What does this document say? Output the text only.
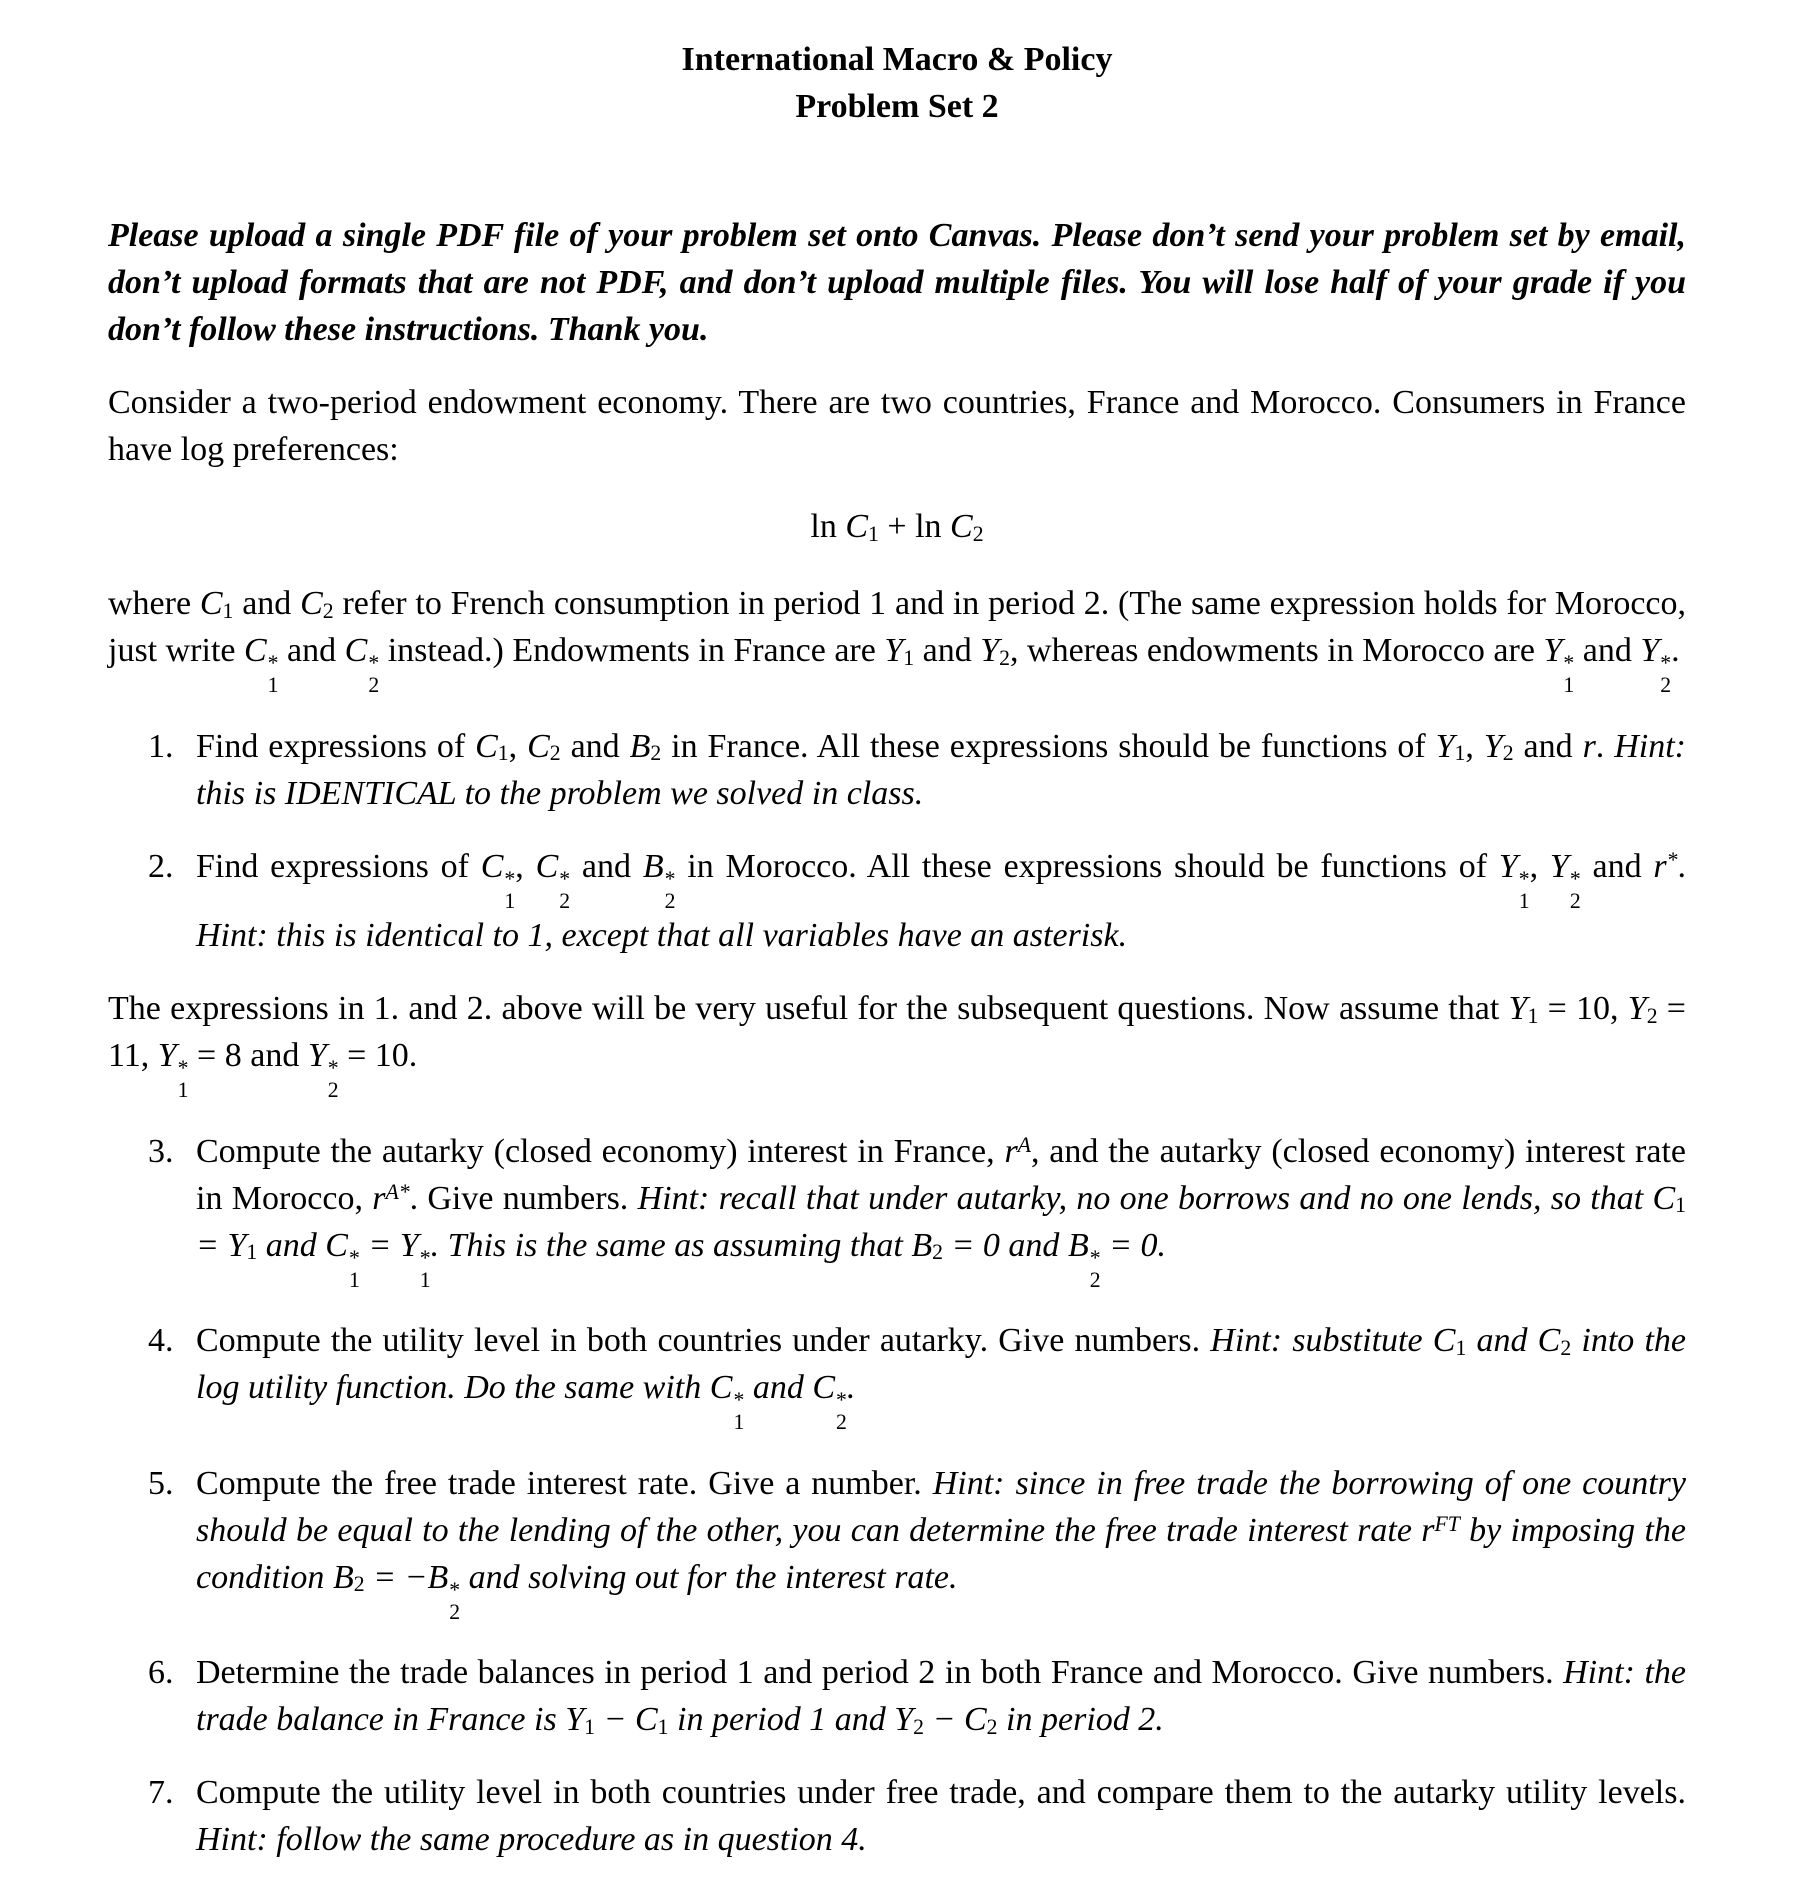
International Macro & Policy
Problem Set 2
Please upload a single PDF file of your problem set onto Canvas. Please don’t send your problem set by email, don’t upload formats that are not PDF, and don’t upload multiple files. You will lose half of your grade if you don’t follow these instructions. Thank you.
Consider a two-period endowment economy. There are two countries, France and Morocco. Consumers in France have log preferences:
$\ln C_1 + \ln C_2$
where $C_1$ and $C_2$ refer to French consumption in period 1 and in period 2. (The same expression holds for Morocco, just write C *
1
and C *
2
instead.) Endowments in France are $Y_1$ and $Y_2$, whereas endowments in Morocco are Y *
1
and Y *
2
.
1. Find expressions of $C_1$, $C_2$ and $B_2$ in France. All these expressions should be functions of $Y_1$, $Y_2$ and r. Hint: this is IDENTICAL to the problem we solved in class.
2. Find expressions of C *
1
, C *
2
and B *
2
in Morocco. All these expressions should be functions of Y *
1
, Y *
2
and r*. Hint: this is identical to 1, except that all variables have an asterisk.
The expressions in 1. and 2. above will be very useful for the subsequent questions. Now assume that $Y_1 = 10$, $Y_2 = 11$, Y *
1
= 8 and Y *
2
= 10.
3. Compute the autarky (closed economy) interest in France, $r^A$, and the autarky (closed economy) interest rate in Morocco, $r^{A*}$. Give numbers. Hint: recall that under autarky, no one borrows and no one lends, so that $C_1 = Y_1$ and C *
1
= Y *
1
. This is the same as assuming that $B_2 = 0$ and B *
2
= 0.
4. Compute the utility level in both countries under autarky. Give numbers. Hint: substitute $C_1$ and $C_2$ into the log utility function. Do the same with C *
1
and C *
2
.
5. Compute the free trade interest rate. Give a number. Hint: since in free trade the borrowing of one country should be equal to the lending of the other, you can determine the free trade interest rate $r^{FT}$ by imposing the condition $B_2 = -B$ *
2
and solving out for the interest rate.
6. Determine the trade balances in period 1 and period 2 in both France and Morocco. Give numbers. Hint: the trade balance in France is $Y_1 - C_1$ in period 1 and $Y_2 - C_2$ in period 2.
7. Compute the utility level in both countries under free trade, and compare them to the autarky utility levels. Hint: follow the same procedure as in question 4.
